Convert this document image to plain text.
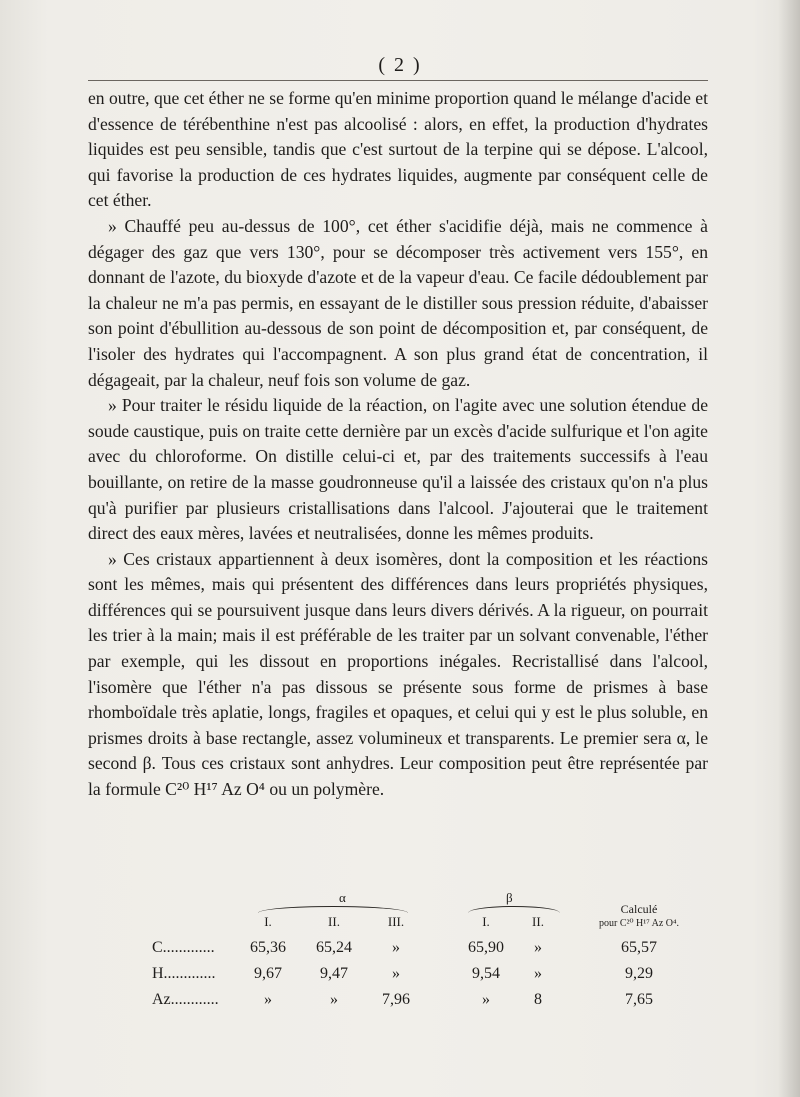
( 2 )

en outre, que cet éther ne se forme qu'en minime proportion quand le mélange d'acide et d'essence de térébenthine n'est pas alcoolisé : alors, en effet, la production d'hydrates liquides est peu sensible, tandis que c'est surtout de la terpine qui se dépose. L'alcool, qui favorise la production de ces hydrates liquides, augmente par conséquent celle de cet éther.

» Chauffé peu au-dessus de 100°, cet éther s'acidifie déjà, mais ne commence à dégager des gaz que vers 130°, pour se décomposer très activement vers 155°, en donnant de l'azote, du bioxyde d'azote et de la vapeur d'eau. Ce facile dédoublement par la chaleur ne m'a pas permis, en essayant de le distiller sous pression réduite, d'abaisser son point d'ébullition au-dessous de son point de décomposition et, par conséquent, de l'isoler des hydrates qui l'accompagnent. A son plus grand état de concentration, il dégageait, par la chaleur, neuf fois son volume de gaz.

» Pour traiter le résidu liquide de la réaction, on l'agite avec une solution étendue de soude caustique, puis on traite cette dernière par un excès d'acide sulfurique et l'on agite avec du chloroforme. On distille celui-ci et, par des traitements successifs à l'eau bouillante, on retire de la masse goudronneuse qu'il a laissée des cristaux qu'on n'a plus qu'à purifier par plusieurs cristallisations dans l'alcool. J'ajouterai que le traitement direct des eaux mères, lavées et neutralisées, donne les mêmes produits.

» Ces cristaux appartiennent à deux isomères, dont la composition et les réactions sont les mêmes, mais qui présentent des différences dans leurs propriétés physiques, différences qui se poursuivent jusque dans leurs divers dérivés. A la rigueur, on pourrait les trier à la main; mais il est préférable de les traiter par un solvant convenable, l'éther par exemple, qui les dissout en proportions inégales. Recristallisé dans l'alcool, l'isomère que l'éther n'a pas dissous se présente sous forme de prismes à base rhomboïdale très aplatie, longs, fragiles et opaques, et celui qui y est le plus soluble, en prismes droits à base rectangle, assez volumineux et transparents. Le premier sera α, le second β. Tous ces cristaux sont anhydres. Leur composition peut être représentée par la formule C²⁰ H¹⁷ Az O⁴ ou un polymère.

α	β
I.	II.	III.	I.	II.
Calculé
pour C²⁰ H¹⁷ Az O⁴.
C.............	65,36	65,24	»	65,90	»	65,57
H.............	9,67	9,47	»	9,54	»	9,29
Az............	»	»	7,96	»	8	7,65
